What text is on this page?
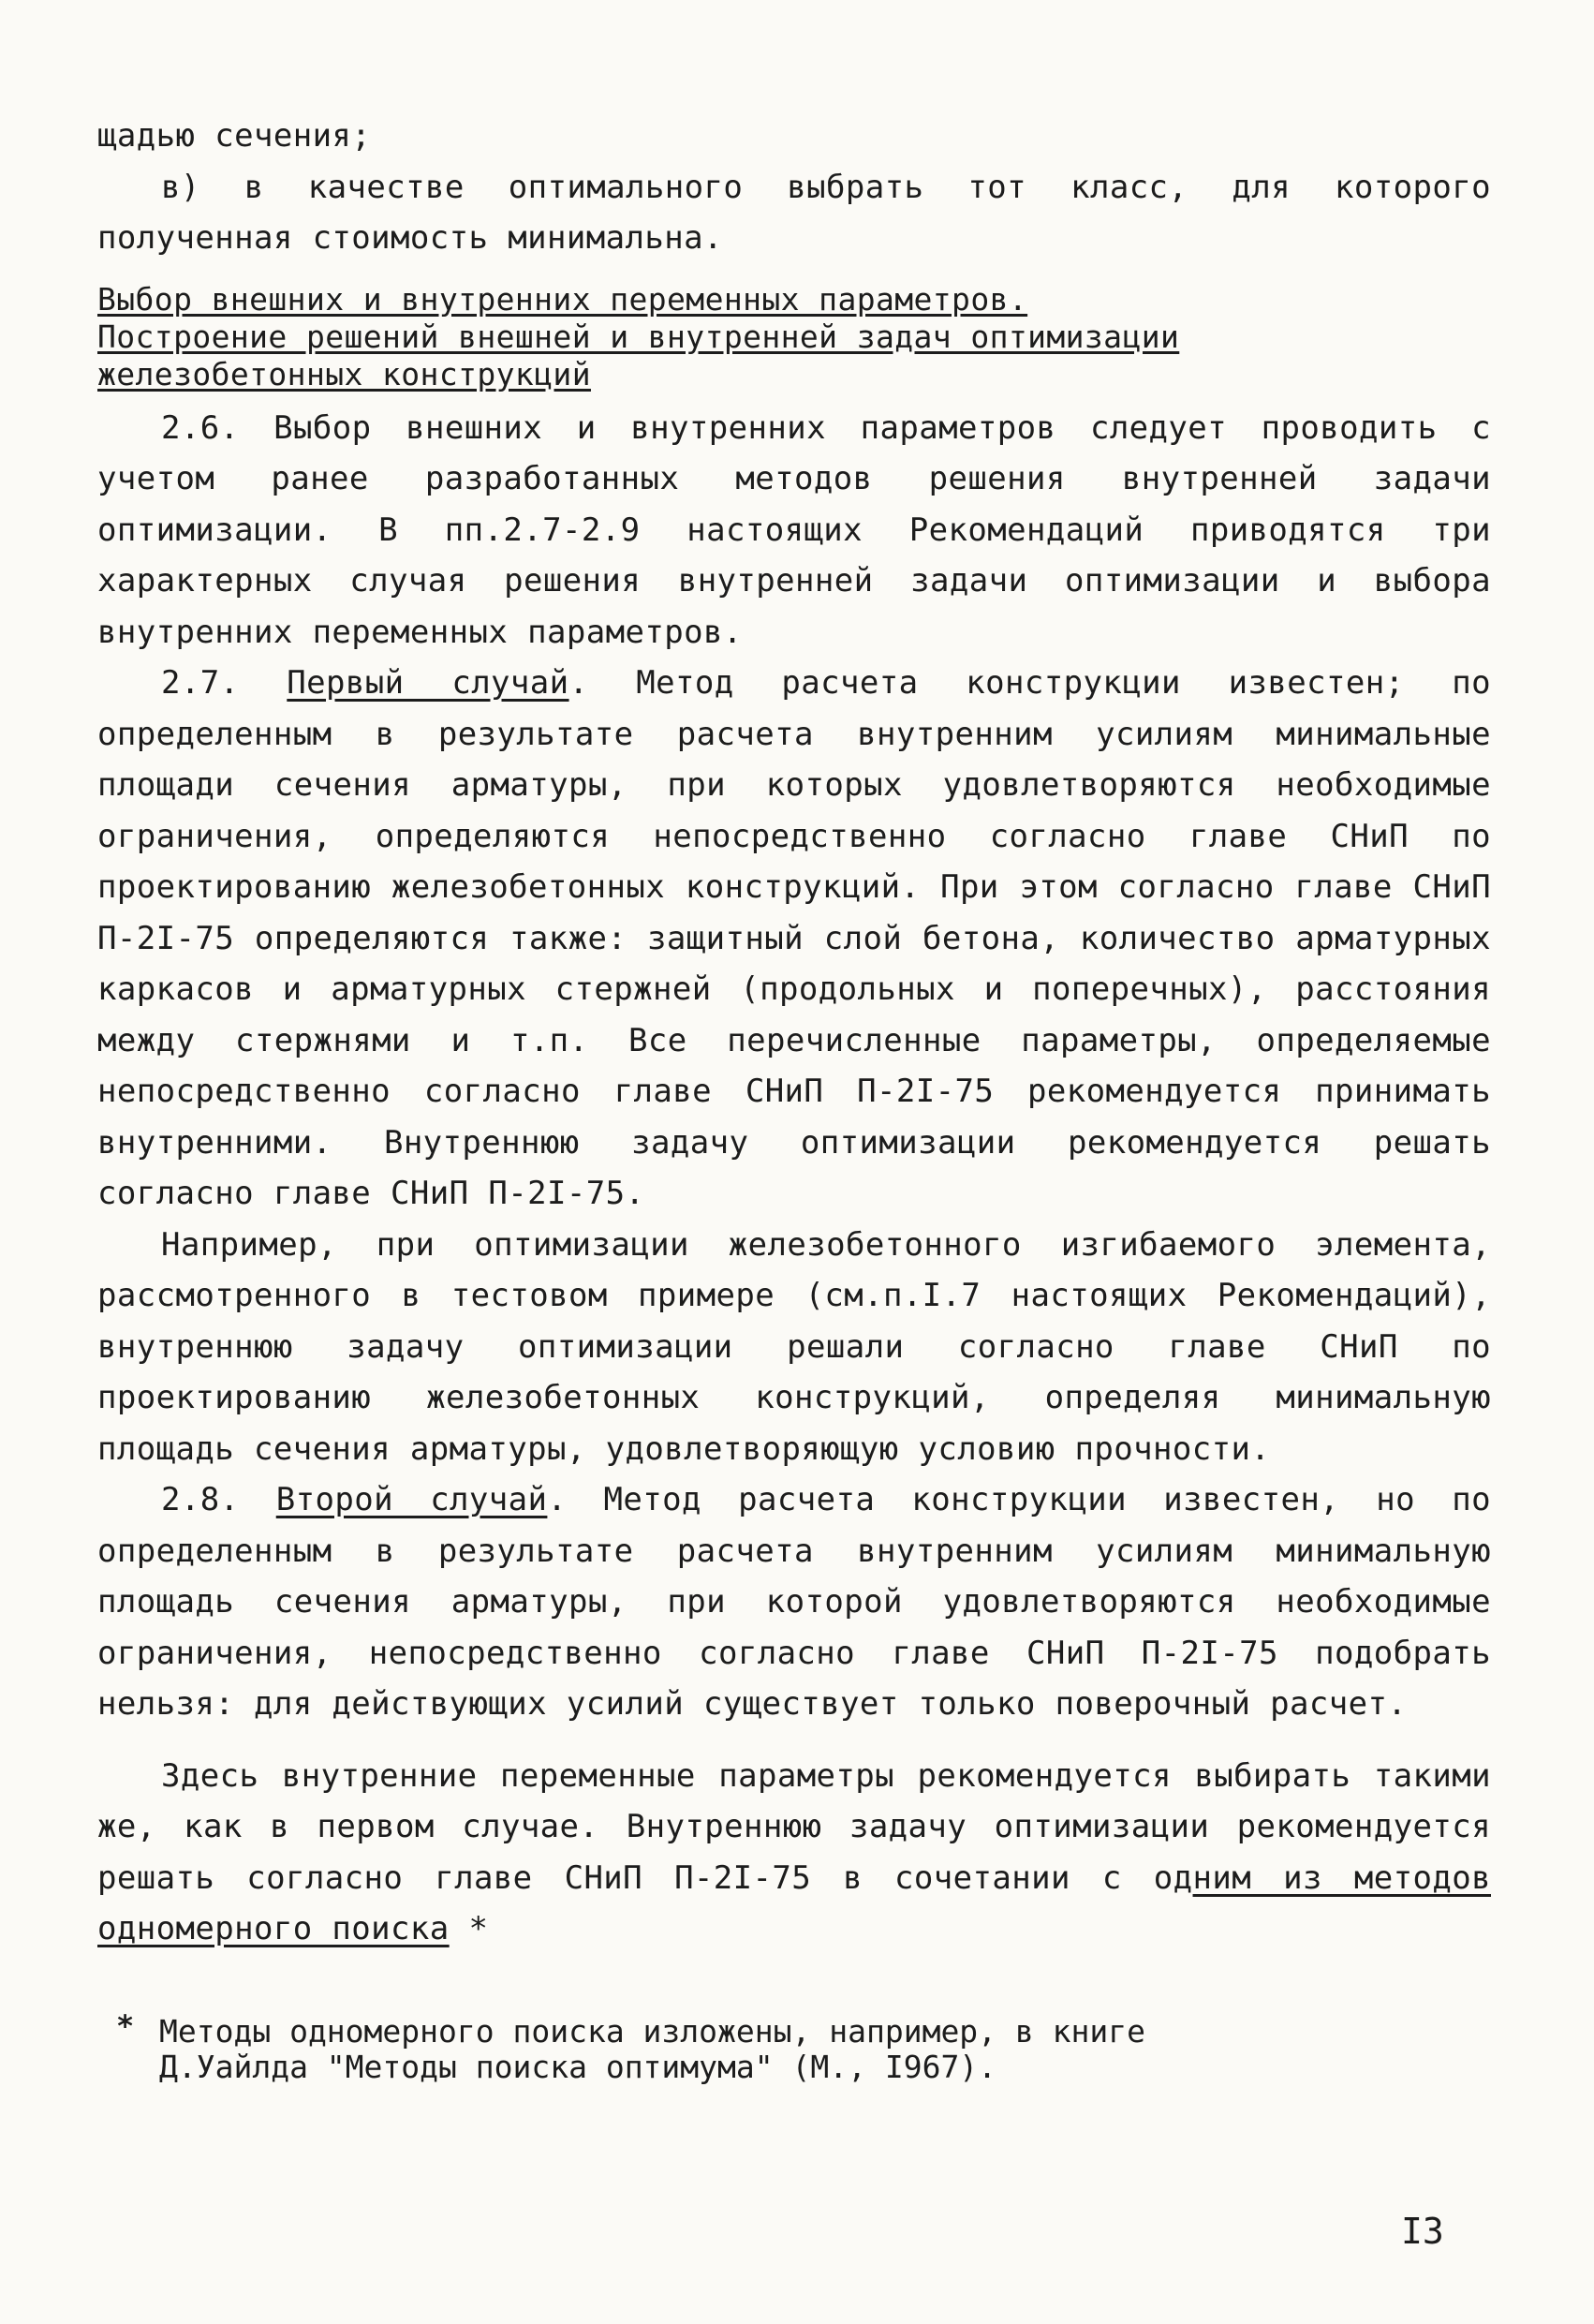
щадью сечения;

в) в качестве оптимального выбрать тот класс, для которого полученная стоимость минимальна.

Выбор внешних и внутренних переменных параметров.
Построение решений внешней и внутренней задач оптимизации
железобетонных конструкций

2.6. Выбор внешних и внутренних параметров следует проводить с учетом ранее разработанных методов решения внутренней задачи оптимизации. В пп.2.7-2.9 настоящих Рекомендаций приводятся три характерных случая решения внутренней задачи оптимизации и выбора внутренних переменных параметров.

2.7. Первый случай. Метод расчета конструкции известен; по определенным в результате расчета внутренним усилиям минимальные площади сечения арматуры, при которых удовлетворяются необходимые ограничения, определяются непосредственно согласно главе СНиП по проектированию железобетонных конструкций. При этом согласно главе СНиП П-2I-75 определяются также: защитный слой бетона, количество арматурных каркасов и арматурных стержней (продольных и поперечных), расстояния между стержнями и т.п. Все перечисленные параметры, определяемые непосредственно согласно главе СНиП П-2I-75 рекомендуется принимать внутренними. Внутреннюю задачу оптимизации рекомендуется решать согласно главе СНиП П-2I-75.

Например, при оптимизации железобетонного изгибаемого элемента, рассмотренного в тестовом примере (см.п.I.7 настоящих Рекомендаций), внутреннюю задачу оптимизации решали согласно главе СНиП по проектированию железобетонных конструкций, определяя минимальную площадь сечения арматуры, удовлетворяющую условию прочности.

2.8. Второй случай. Метод расчета конструкции известен, но по определенным в результате расчета внутренним усилиям минимальную площадь сечения арматуры, при которой удовлетворяются необходимые ограничения, непосредственно согласно главе СНиП П-2I-75 подобрать нельзя: для действующих усилий существует только поверочный расчет.

Здесь внутренние переменные параметры рекомендуется выбирать такими же, как в первом случае. Внутреннюю задачу оптимизации рекомендуется решать согласно главе СНиП П-2I-75 в сочетании с одним из методов одномерного поиска *

* Методы одномерного поиска изложены, например, в книге
Д.Уайлда "Методы поиска оптимума" (М., I967).
I3
